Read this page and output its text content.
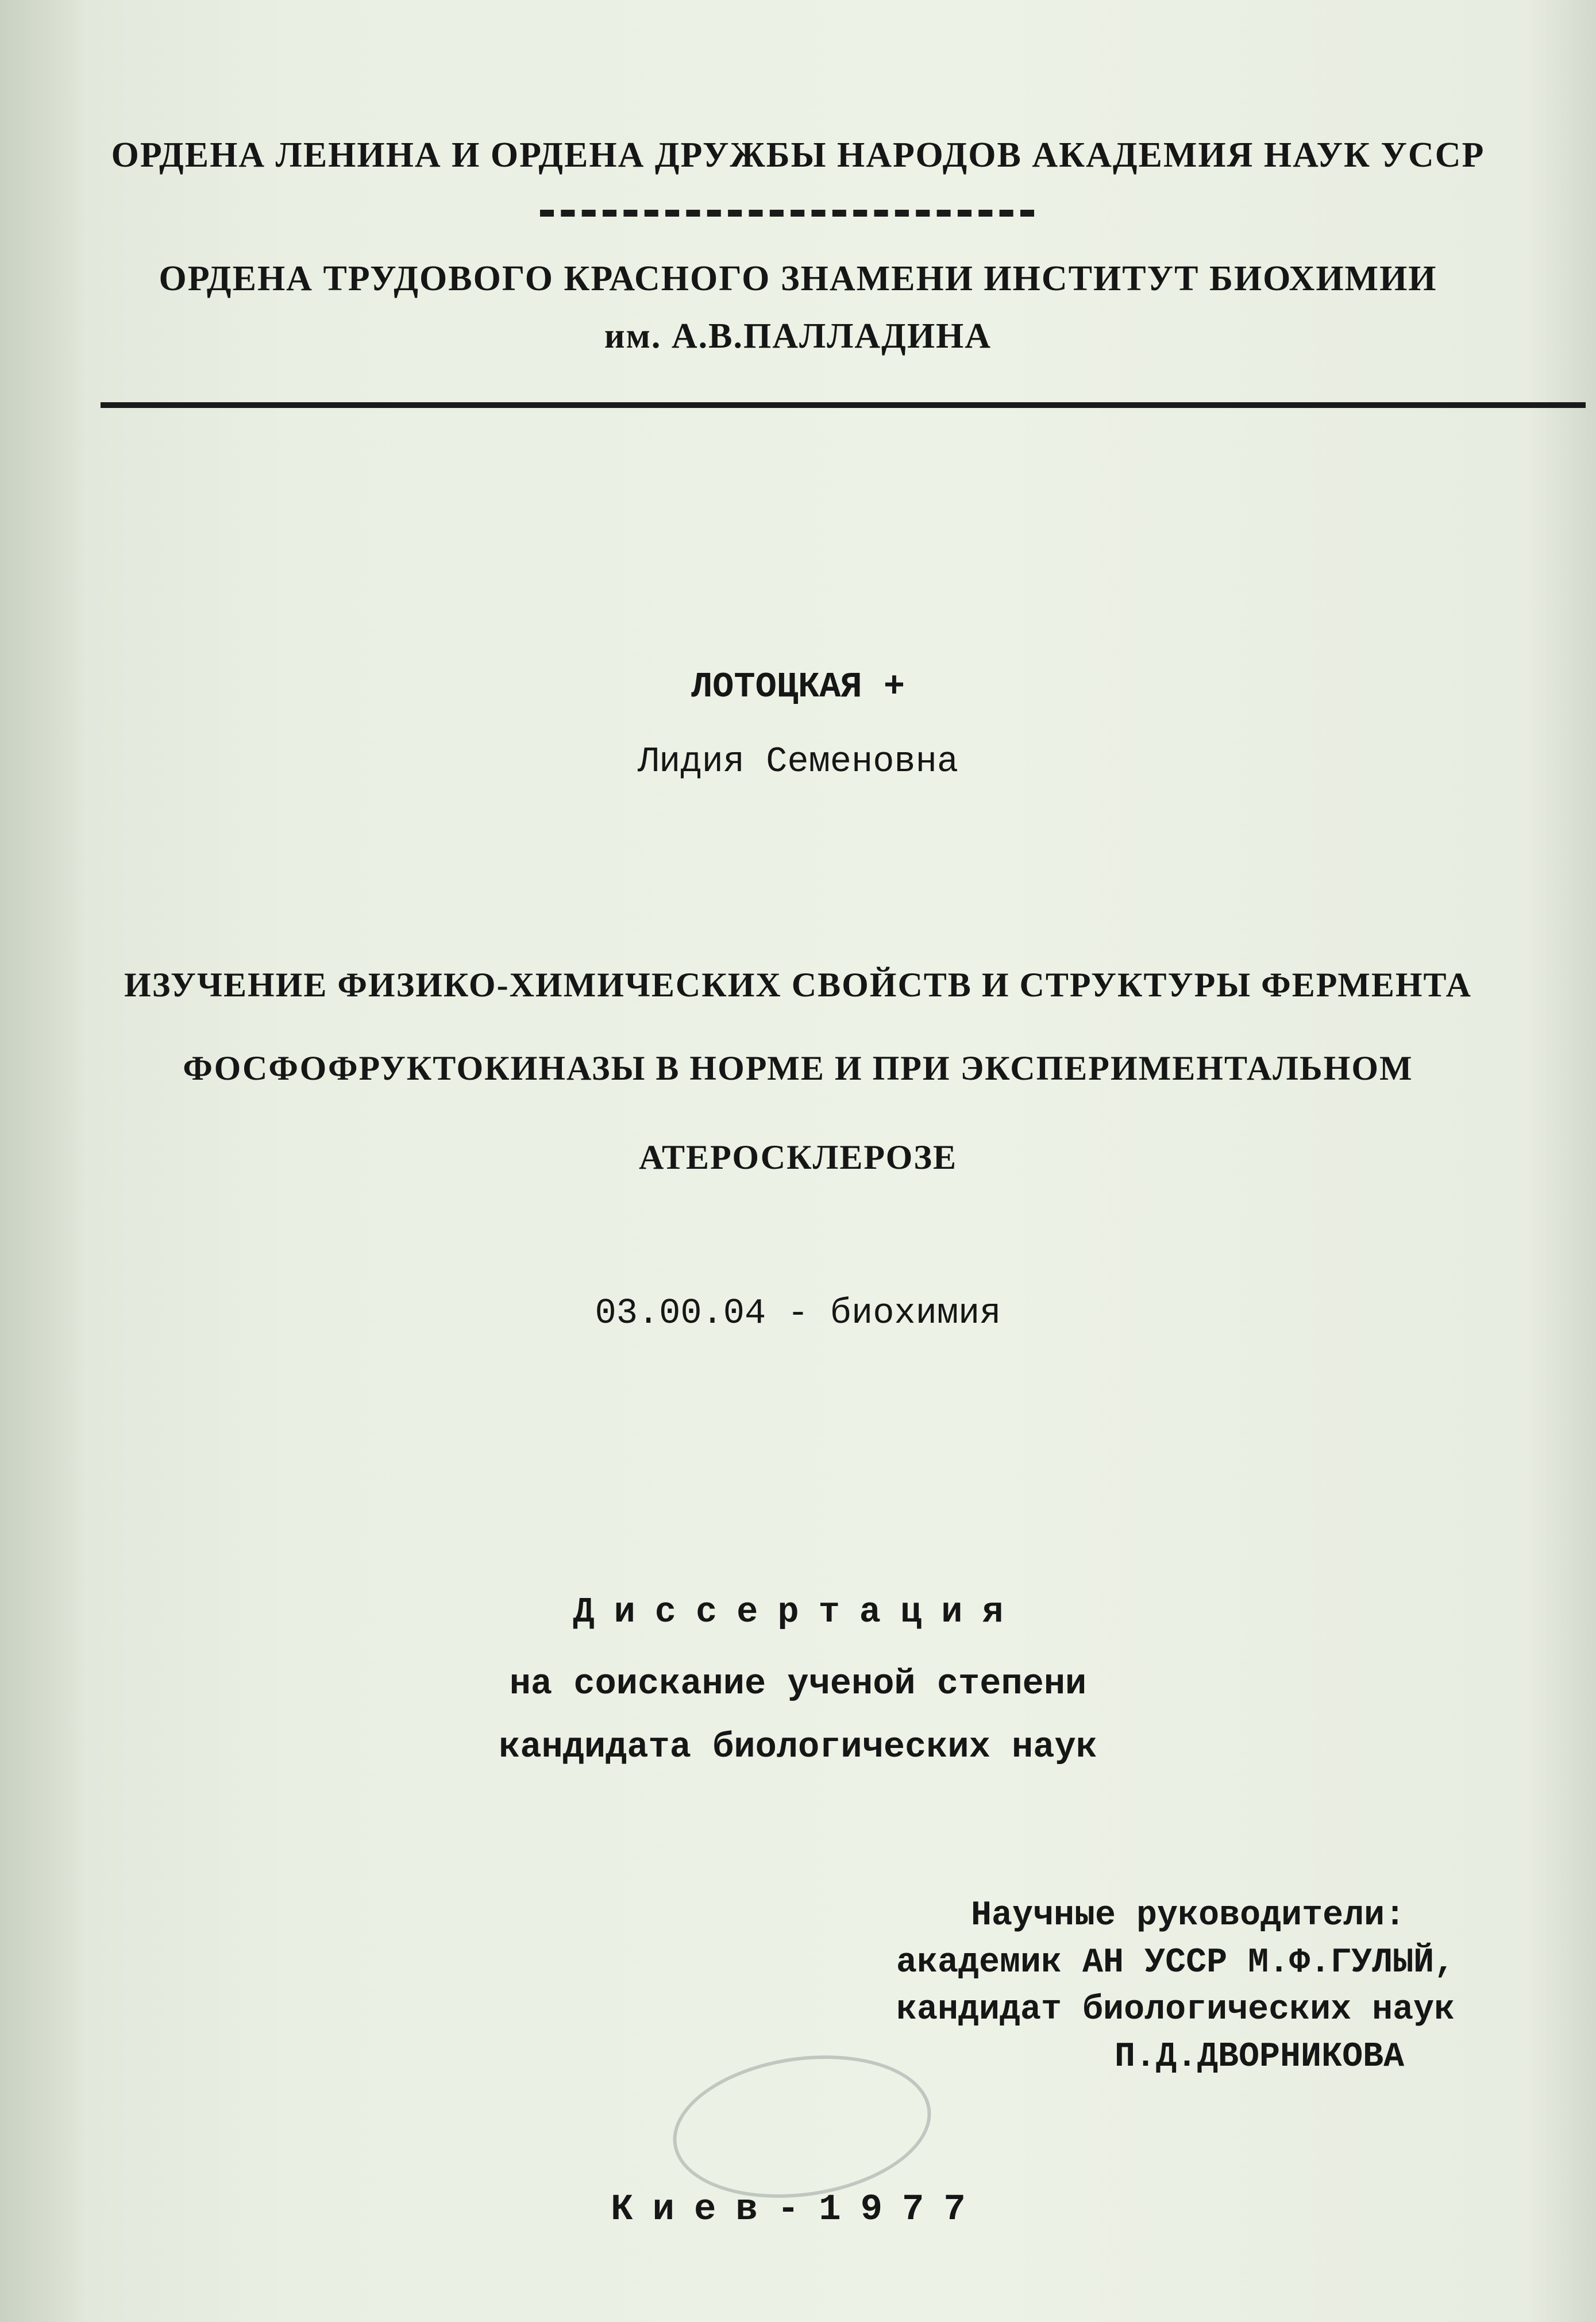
ОРДЕНА ЛЕНИНА И ОРДЕНА ДРУЖБЫ НАРОДОВ АКАДЕМИЯ НАУК УССР
ОРДЕНА ТРУДОВОГО КРАСНОГО ЗНАМЕНИ ИНСТИТУТ БИОХИМИИ
им. А.В.ПАЛЛАДИНА
ЛОТОЦКАЯ +
Лидия Семеновна
ИЗУЧЕНИЕ ФИЗИКО-ХИМИЧЕСКИХ СВОЙСТВ И СТРУКТУРЫ ФЕРМЕНТА
ФОСФОФРУКТОКИНАЗЫ В НОРМЕ И ПРИ ЭКСПЕРИМЕНТАЛЬНОМ
АТЕРОСКЛЕРОЗЕ
03.00.04 - биохимия
Диссертация
на соискание ученой степени
кандидата биологических наук
Научные руководители:
академик АН УССР М.Ф.ГУЛЫЙ,
кандидат биологических наук
П.Д.ДВОРНИКОВА
Киев-1977
